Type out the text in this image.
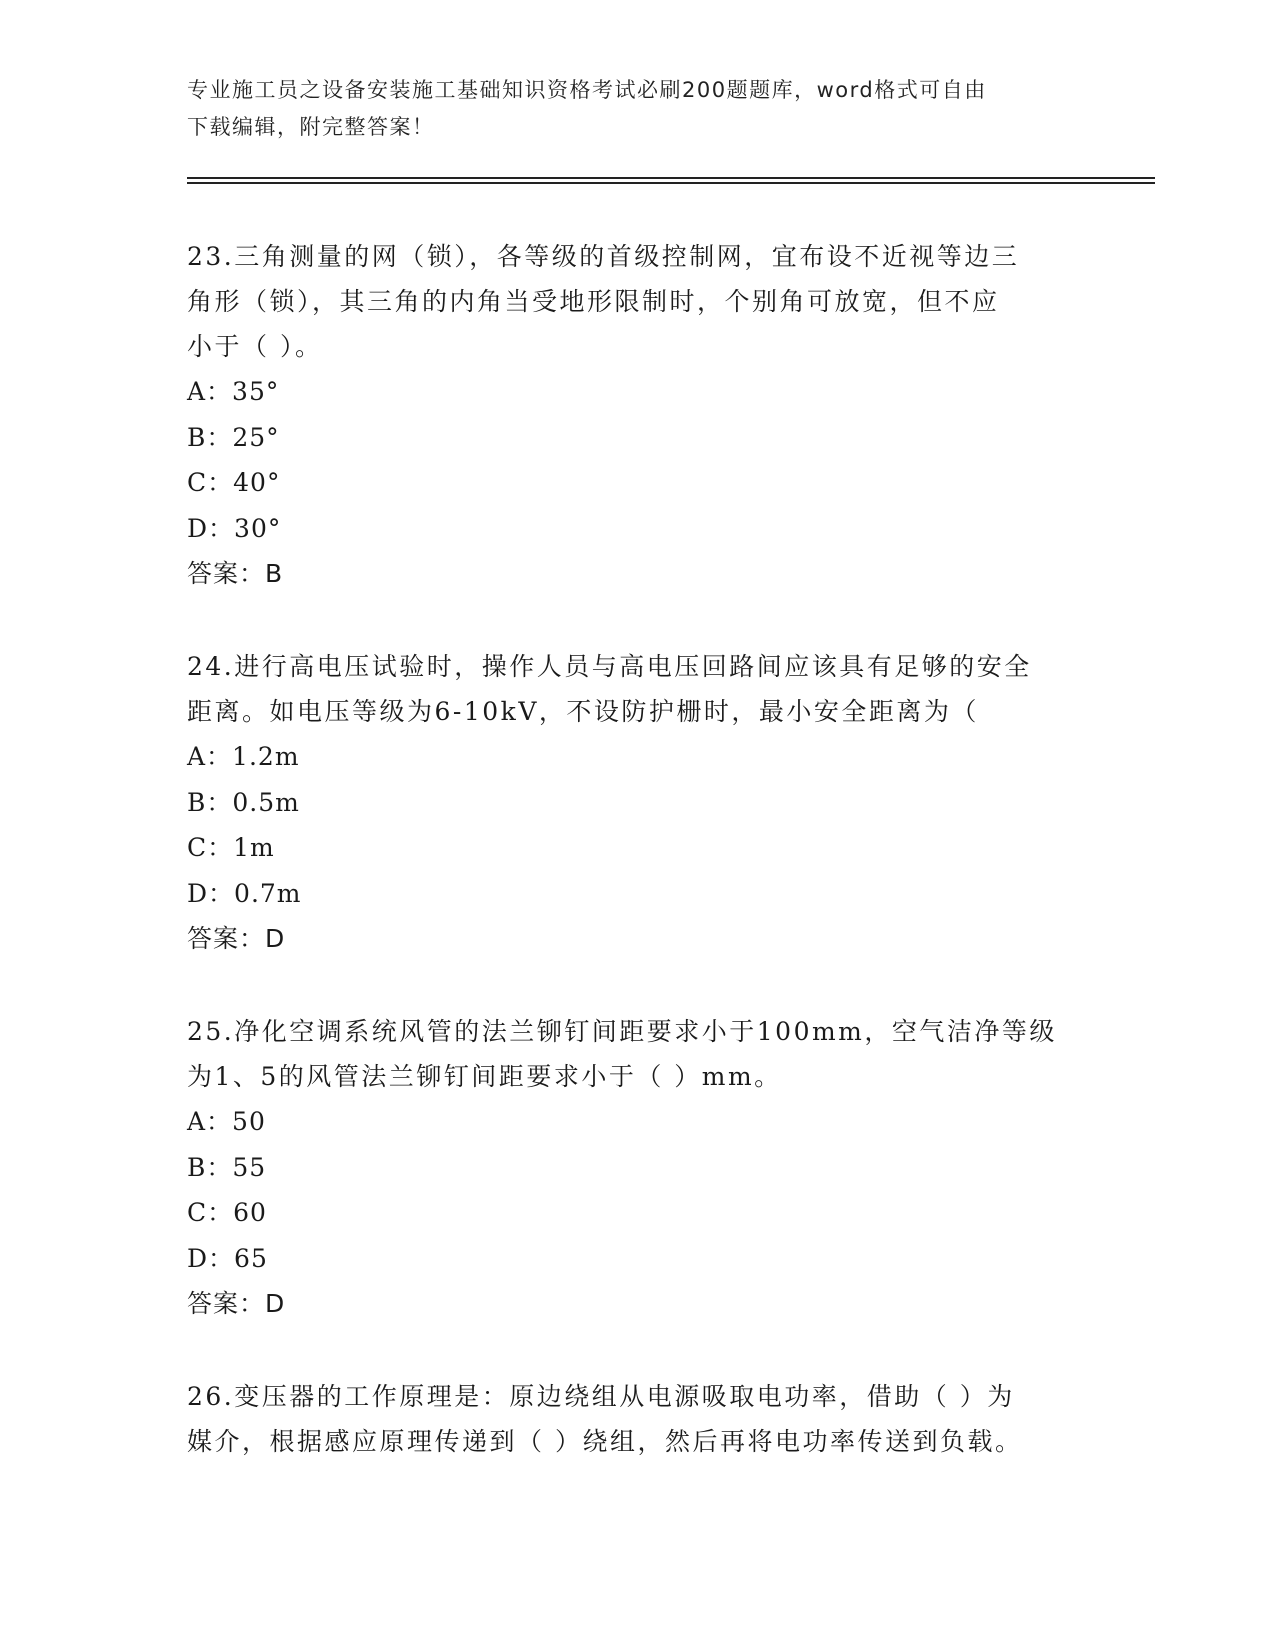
专业施工员之设备安装施工基础知识资格考试必刷200题题库，word格式可自由
下载编辑，附完整答案！

23.三角测量的网（锁），各等级的首级控制网，宜布设不近视等边三

角形（锁），其三角的内角当受地形限制时，个别角可放宽，但不应

小于（ ）。

A：35°

B：25°

C：40°

D：30°

答案：B

24.进行高电压试验时，操作人员与高电压回路间应该具有足够的安全

距离。如电压等级为6-10kV，不设防护栅时，最小安全距离为（

A：1.2m

B：0.5m

C：1m

D：0.7m

答案：D

25.净化空调系统风管的法兰铆钉间距要求小于100mm，空气洁净等级

为1、5的风管法兰铆钉间距要求小于（ ）mm。

A：50

B：55

C：60

D：65

答案：D

26.变压器的工作原理是：原边绕组从电源吸取电功率，借助（ ）为

媒介，根据感应原理传递到（ ）绕组，然后再将电功率传送到负载。
